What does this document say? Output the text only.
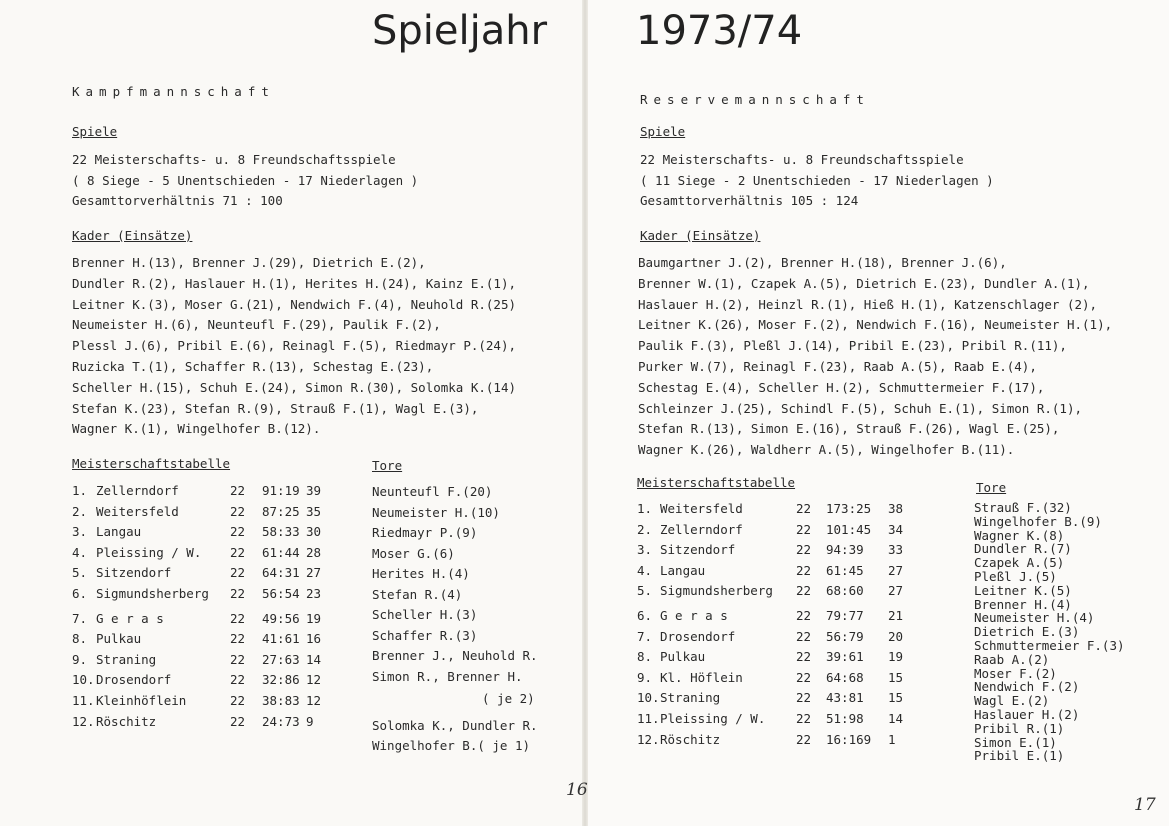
Spieljahr
Kampfmannschaft
Spiele
22 Meisterschafts- u. 8 Freundschaftsspiele
( 8 Siege - 5 Unentschieden - 17 Niederlagen )
Gesamttorverhältnis 71 : 100
Kader (Einsätze)
Brenner H.(13), Brenner J.(29), Dietrich E.(2),
Dundler R.(2), Haslauer H.(1), Herites H.(24), Kainz E.(1),
Leitner K.(3), Moser G.(21), Nendwich F.(4), Neuhold R.(25)
Neumeister H.(6), Neunteufl F.(29), Paulik F.(2),
Plessl J.(6), Pribil E.(6), Reinagl F.(5), Riedmayr P.(24),
Ruzicka T.(1), Schaffer R.(13), Schestag E.(23),
Scheller H.(15), Schuh E.(24), Simon R.(30), Solomka K.(14)
Stefan K.(23), Stefan R.(9), Strauß F.(1), Wagl E.(3),
Wagner K.(1), Wingelhofer B.(12).
Meisterschaftstabelle
1. Zellerndorf	22 91:19 39
2. Weitersfeld	22 87:25 35
3. Langau	22 58:33 30
4. Pleissing / W. 22 61:44 28
5. Sitzendorf	22 64:31 27
6. Sigmundsherberg 22 56:54 23
7. G e r a s	22 49:56 19
8. Pulkau	22 41:61 16
9. Straning	22 27:63 14
10. Drosendorf	22 32:86 12
11. Kleinhöflein	22 38:83 12
12. Röschitz	22 24:73 9
Tore
Neunteufl F.(20)
Neumeister H.(10)
Riedmayr P.(9)
Moser G.(6)
Herites H.(4)
Stefan R.(4)
Scheller H.(3)
Schaffer R.(3)
Brenner J., Neuhold R.
Simon R., Brenner H.
( je 2)
Solomka K., Dundler R.
Wingelhofer B.( je 1)
16
1973/74
Reservemannschaft
Spiele
22 Meisterschafts- u. 8 Freundschaftsspiele
( 11 Siege - 2 Unentschieden - 17 Niederlagen )
Gesamttorverhältnis 105 : 124
Kader (Einsätze)
Baumgartner J.(2), Brenner H.(18), Brenner J.(6),
Brenner W.(1), Czapek A.(5), Dietrich E.(23), Dundler A.(1),
Haslauer H.(2), Heinzl R.(1), Hieß H.(1), Katzenschlager (2),
Leitner K.(26), Moser F.(2), Nendwich F.(16), Neumeister H.(1),
Paulik F.(3), Pleßl J.(14), Pribil E.(23), Pribil R.(11),
Purker W.(7), Reinagl F.(23), Raab A.(5), Raab E.(4),
Schestag E.(4), Scheller H.(2), Schmuttermeier F.(17),
Schleinzer J.(25), Schindl F.(5), Schuh E.(1), Simon R.(1),
Stefan R.(13), Simon E.(16), Strauß F.(26), Wagl E.(25),
Wagner K.(26), Waldherr A.(5), Wingelhofer B.(11).
Meisterschaftstabelle
1. Weitersfeld	22 173:25 38
2. Zellerndorf	22 101:45 34
3. Sitzendorf	22 94:39 33
4. Langau	22 61:45 27
5. Sigmundsherberg 22 68:60 27
6. G e r a s	22 79:77 21
7. Drosendorf	22 56:79 20
8. Pulkau	22 39:61 19
9. Kl. Höflein	22 64:68 15
10. Straning	22 43:81 15
11. Pleissing / W. 22 51:98 14
12. Röschitz	22 16:169 1
Tore
Strauß F.(32)
Wingelhofer B.(9)
Wagner K.(8)
Dundler R.(7)
Czapek A.(5)
Pleßl J.(5)
Leitner K.(5)
Brenner H.(4)
Neumeister H.(4)
Dietrich E.(3)
Schmuttermeier F.(3)
Raab A.(2)
Moser F.(2)
Nendwich F.(2)
Wagl E.(2)
Haslauer H.(2)
Pribil R.(1)
Simon E.(1)
Pribil E.(1)
17
